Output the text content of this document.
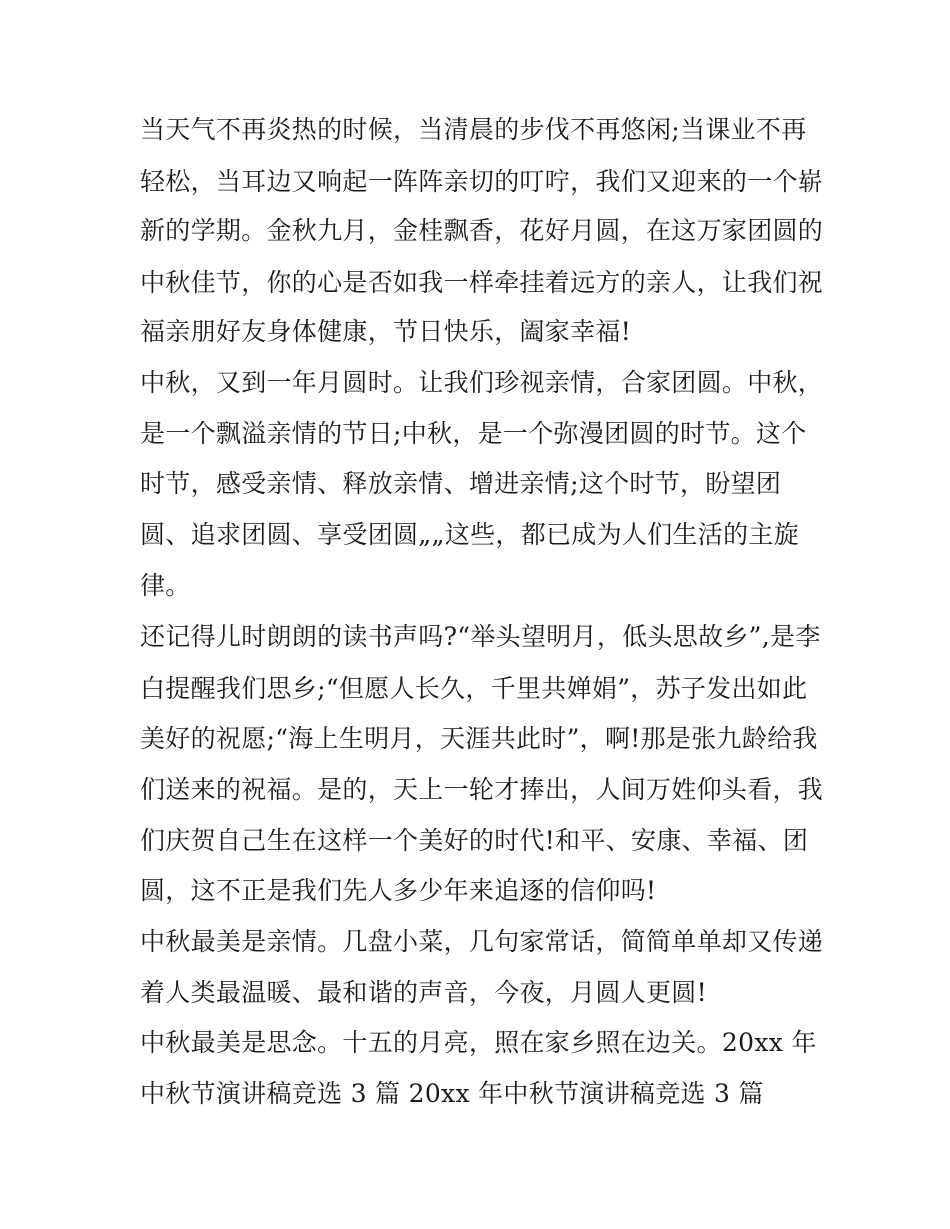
当天气不再炎热的时候，当清晨的步伐不再悠闲;当课业不再
轻松，当耳边又响起一阵阵亲切的叮咛，我们又迎来的一个崭
新的学期。金秋九月，金桂飘香，花好月圆，在这万家团圆的
中秋佳节，你的心是否如我一样牵挂着远方的亲人，让我们祝
福亲朋好友身体健康，节日快乐，阖家幸福!
中秋，又到一年月圆时。让我们珍视亲情，合家团圆。中秋，
是一个飘溢亲情的节日;中秋，是一个弥漫团圆的时节。这个
时节，感受亲情、释放亲情、增进亲情;这个时节，盼望团
圆、追求团圆、享受团圆„„这些，都已成为人们生活的主旋
律。
还记得儿时朗朗的读书声吗?“举头望明月，低头思故乡”,是李
白提醒我们思乡;“但愿人长久，千里共婵娟”，苏子发出如此
美好的祝愿;“海上生明月，天涯共此时”，啊!那是张九龄给我
们送来的祝福。是的，天上一轮才捧出，人间万姓仰头看，我
们庆贺自己生在这样一个美好的时代!和平、安康、幸福、团
圆，这不正是我们先人多少年来追逐的信仰吗!
中秋最美是亲情。几盘小菜，几句家常话，简简单单却又传递
着人类最温暖、最和谐的声音，今夜，月圆人更圆!
中秋最美是思念。十五的月亮，照在家乡照在边关。20xx 年
中秋节演讲稿竞选 3 篇 20xx 年中秋节演讲稿竞选 3 篇
